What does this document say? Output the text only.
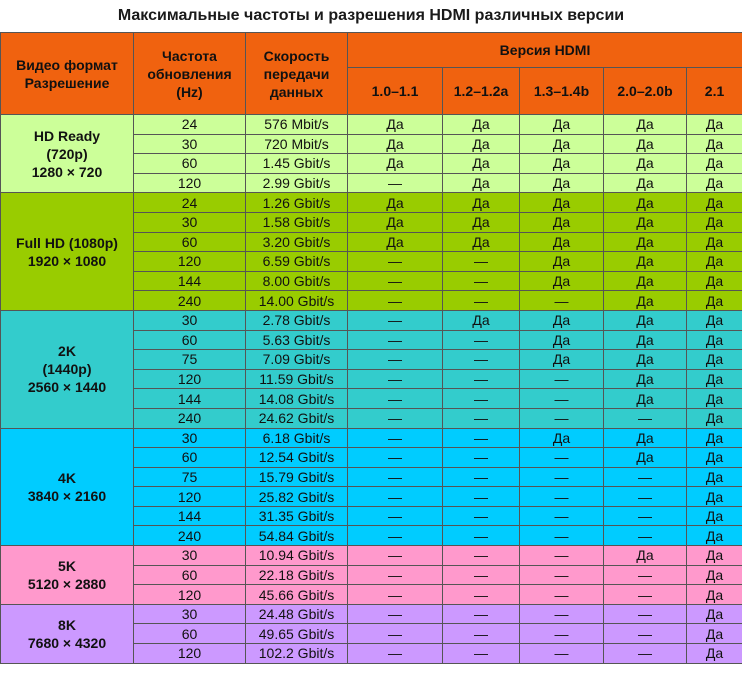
Максимальные частоты и разрешения HDMI различных версии
Видео формат Разрешение	Частота обновления (Hz)	Скорость передачи данных	Версия HDMI				
			1.0–1.1	1.2–1.2a	1.3–1.4b	2.0–2.0b	2.1

HD Ready
(720p)
1280 × 720	24	576 Mbit/s	Да	Да	Да	Да	Да
	30	720 Mbit/s	Да	Да	Да	Да	Да
	60	1.45 Gbit/s	Да	Да	Да	Да	Да
	120	2.99 Gbit/s	—	Да	Да	Да	Да

Full HD (1080p)
1920 × 1080	24	1.26 Gbit/s	Да	Да	Да	Да	Да
	30	1.58 Gbit/s	Да	Да	Да	Да	Да
	60	3.20 Gbit/s	Да	Да	Да	Да	Да
	120	6.59 Gbit/s	—	—	Да	Да	Да
	144	8.00 Gbit/s	—	—	Да	Да	Да
	240	14.00 Gbit/s	—	—	—	Да	Да

2K
(1440p)
2560 × 1440	30	2.78 Gbit/s	—	Да	Да	Да	Да
	60	5.63 Gbit/s	—	—	Да	Да	Да
	75	7.09 Gbit/s	—	—	Да	Да	Да
	120	11.59 Gbit/s	—	—	—	Да	Да
	144	14.08 Gbit/s	—	—	—	Да	Да
	240	24.62 Gbit/s	—	—	—	—	Да

4K
3840 × 2160	30	6.18 Gbit/s	—	—	Да	Да	Да
	60	12.54 Gbit/s	—	—	—	Да	Да
	75	15.79 Gbit/s	—	—	—	—	Да
	120	25.82 Gbit/s	—	—	—	—	Да
	144	31.35 Gbit/s	—	—	—	—	Да
	240	54.84 Gbit/s	—	—	—	—	Да

5K
5120 × 2880	30	10.94 Gbit/s	—	—	—	Да	Да
	60	22.18 Gbit/s	—	—	—	—	Да
	120	45.66 Gbit/s	—	—	—	—	Да

8K
7680 × 4320	30	24.48 Gbit/s	—	—	—	—	Да
	60	49.65 Gbit/s	—	—	—	—	Да
	120	102.2 Gbit/s	—	—	—	—	Да
